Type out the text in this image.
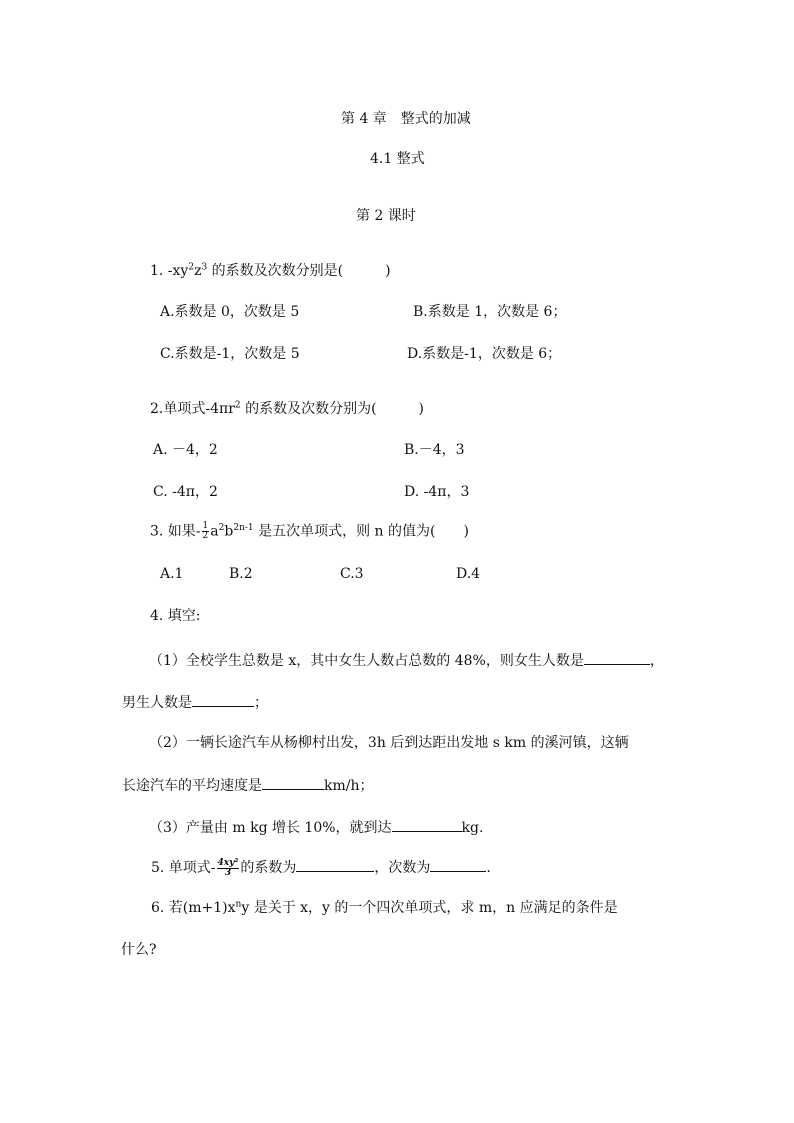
第 4 章　整式的加减
4.1 整式
第 2 课时
1. $-xy^2z^3$ 的系数及次数分别是(　　　)
A.系数是 0，次数是 5	B.系数是 1，次数是 6；
C.系数是-1，次数是 5	D.系数是-1，次数是 6；
2.单项式$-4\pi r^2$ 的系数及次数分别为(　　　)
A. －4，2	B.－4，3
C. -4π，2	D. -4π，3
3. 如果- $\frac{1}{2} a^2b^{2n-1}$ 是五次单项式，则 n 的值为(　　)
A.1	B.2	C.3	D.4
4. 填空:
（1）全校学生总数是 x，其中女生人数占总数的 48%，则女生人数是	，
男生人数是	；
（2）一辆长途汽车从杨柳村出发，3h 后到达距出发地 s km 的溪河镇，这辆
长途汽车的平均速度是	km/h；
（3）产量由 m kg 增长 10%，就到达	kg.
5. 单项式- $\frac{\text{4xy²}}{3}$ 的系数为	，次数为	.
6. 若$(m+1)x^ny$ 是关于 x，y 的一个四次单项式，求 m，n 应满足的条件是
什么?
